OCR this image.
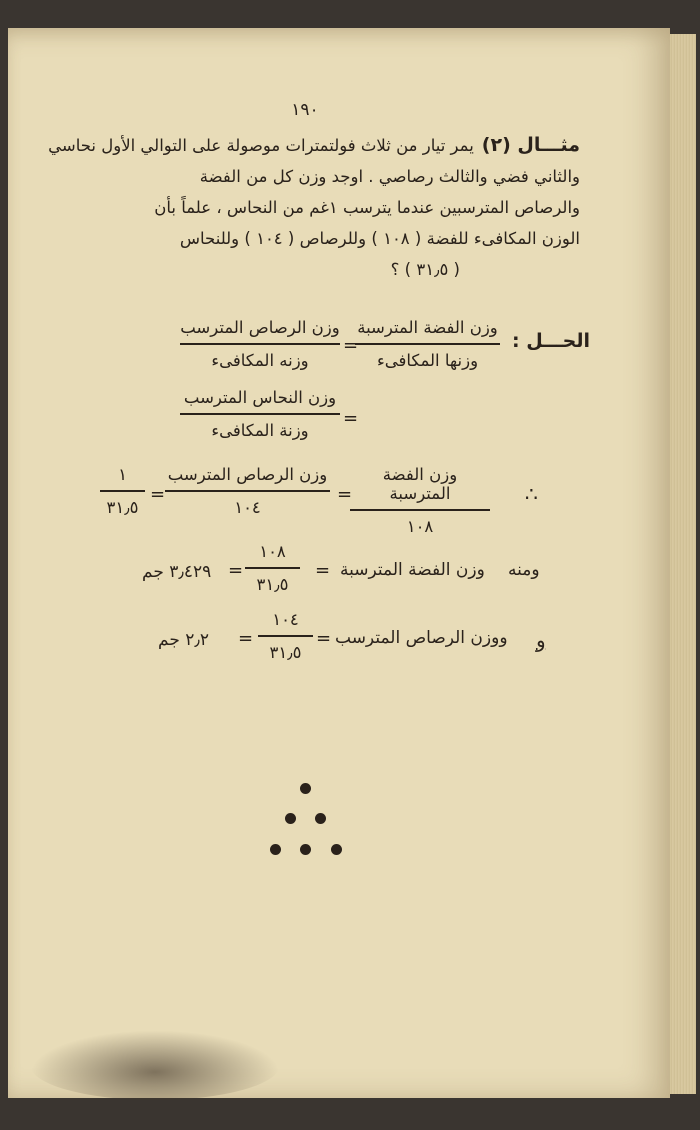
١٩٠
مثـــال (٢)يمر تيار من ثلاث فولتمترات موصولة على التوالي الأول نحاسي
والثاني فضي والثالث رصاصي . اوجد وزن كل من الفضة
والرصاص المترسبين عندما يترسب ١غم من النحاس ، علماً بأن
الوزن المكافىء للفضة ( ١٠٨ ) وللرصاص ( ١٠٤ ) وللنحاس
( ٣١٫٥ ) ؟
الحـــل :
وزن الفضة المترسبة
وزنها المكافىء
=
وزن الرصاص المترسب
وزنه المكافىء
=
وزن النحاس المترسب
وزنة المكافىء
∴
وزن الفضة المترسبة
١٠٨
=
وزن الرصاص المترسب
١٠٤
=
١
٣١٫٥
ومنه
وزن الفضة المترسبة
=
١٠٨
٣١٫٥
=
٣٫٤٢٩ جم
و
ووزن الرصاص المترسب
=
١٠٤
٣١٫٥
=
٢٫٢ جم
